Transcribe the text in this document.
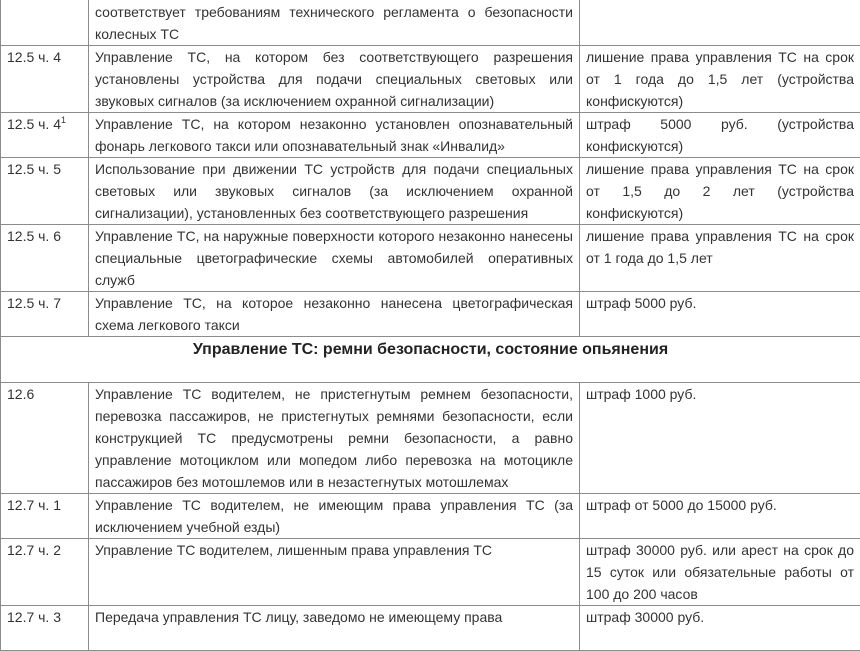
	соответствует требованиям технического регламента о безопасности колесных ТС	
12.5 ч. 4	Управление ТС, на котором без соответствующего разрешения установлены устройства для подачи специальных световых или звуковых сигналов (за исключением охранной сигнализации)	лишение права управления ТС на срок от 1 года до 1,5 лет (устройства конфискуются)
12.5 ч. $4^1$	Управление ТС, на котором незаконно установлен опознавательный фонарь легкового такси или опознавательный знак «Инвалид»	штраф 5000 руб. (устройства конфискуются)
12.5 ч. 5	Использование при движении ТС устройств для подачи специальных световых или звуковых сигналов (за исключением охранной сигнализации), установленных без соответствующего разрешения	лишение права управления ТС на срок от 1,5 до 2 лет (устройства конфискуются)
12.5 ч. 6	Управление ТС, на наружные поверхности которого незаконно нанесены специальные цветографические схемы автомобилей оперативных служб	лишение права управления ТС на срок от 1 года до 1,5 лет
12.5 ч. 7	Управление ТС, на которое незаконно нанесена цветографическая схема легкового такси	штраф 5000 руб.
Управление ТС: ремни безопасности, состояние опьянения		
12.6	Управление ТС водителем, не пристегнутым ремнем безопасности, перевозка пассажиров, не пристегнутых ремнями безопасности, если конструкцией ТС предусмотрены ремни безопасности, а равно управление мотоциклом или мопедом либо перевозка на мотоцикле пассажиров без мотошлемов или в незастегнутых мотошлемах	штраф 1000 руб.
12.7 ч. 1	Управление ТС водителем, не имеющим права управления ТС (за исключением учебной езды)	штраф от 5000 до 15000 руб.
12.7 ч. 2	Управление ТС водителем, лишенным права управления ТС	штраф 30000 руб. или арест на срок до 15 суток или обязательные работы от 100 до 200 часов
12.7 ч. 3	Передача управления ТС лицу, заведомо не имеющему права	штраф 30000 руб.
